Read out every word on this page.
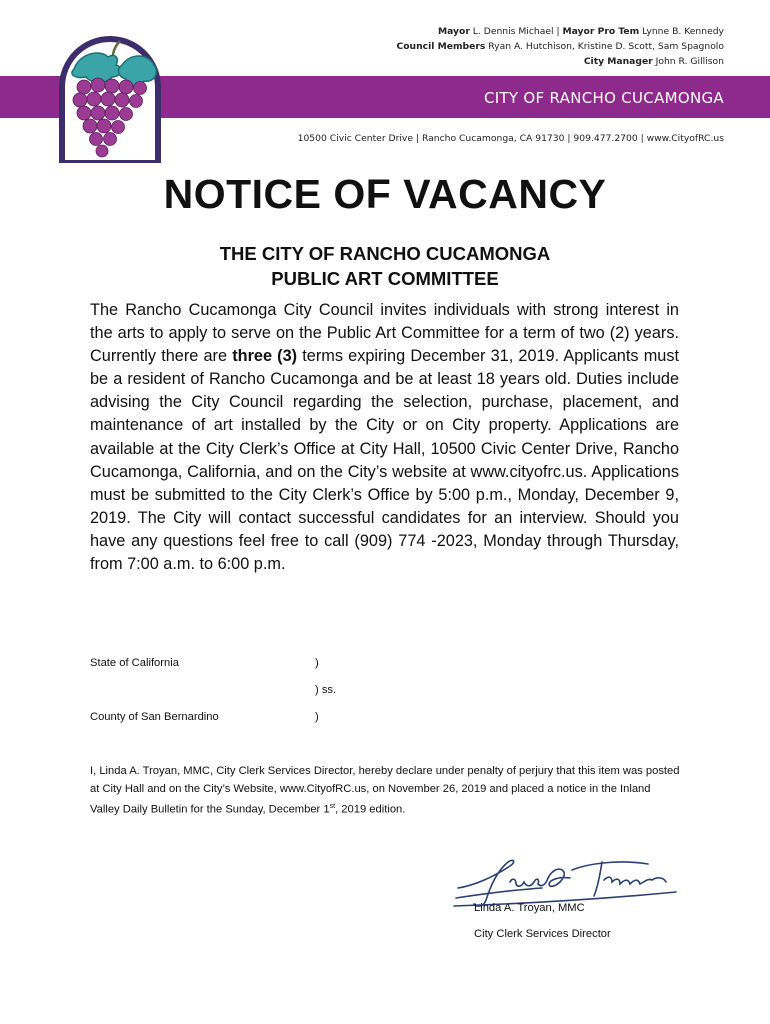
Mayor L. Dennis Michael | Mayor Pro Tem Lynne B. Kennedy
Council Members Ryan A. Hutchison, Kristine D. Scott, Sam Spagnolo
City Manager John R. Gillison
CITY OF RANCHO CUCAMONGA
10500 Civic Center Drive | Rancho Cucamonga, CA 91730 | 909.477.2700 | www.CityofRC.us
NOTICE OF VACANCY
THE CITY OF RANCHO CUCAMONGA
PUBLIC ART COMMITTEE
The Rancho Cucamonga City Council invites individuals with strong interest in the arts to apply to serve on the Public Art Committee for a term of two (2) years. Currently there are three (3) terms expiring December 31, 2019. Applicants must be a resident of Rancho Cucamonga and be at least 18 years old. Duties include advising the City Council regarding the selection, purchase, placement, and maintenance of art installed by the City or on City property. Applications are available at the City Clerk’s Office at City Hall, 10500 Civic Center Drive, Rancho Cucamonga, California, and on the City’s website at www.cityofrc.us. Applications must be submitted to the City Clerk’s Office by 5:00 p.m., Monday, December 9, 2019. The City will contact successful candidates for an interview. Should you have any questions feel free to call (909) 774 -2023, Monday through Thursday, from 7:00 a.m. to 6:00 p.m.
State of California	)
) ss.
County of San Bernardino	)
I, Linda A. Troyan, MMC, City Clerk Services Director, hereby declare under penalty of perjury that this item was posted at City Hall and on the City’s Website, www.CityofRC.us, on November 26, 2019 and placed a notice in the Inland Valley Daily Bulletin for the Sunday, December 1st, 2019 edition.
Linda A. Troyan, MMC
City Clerk Services Director
